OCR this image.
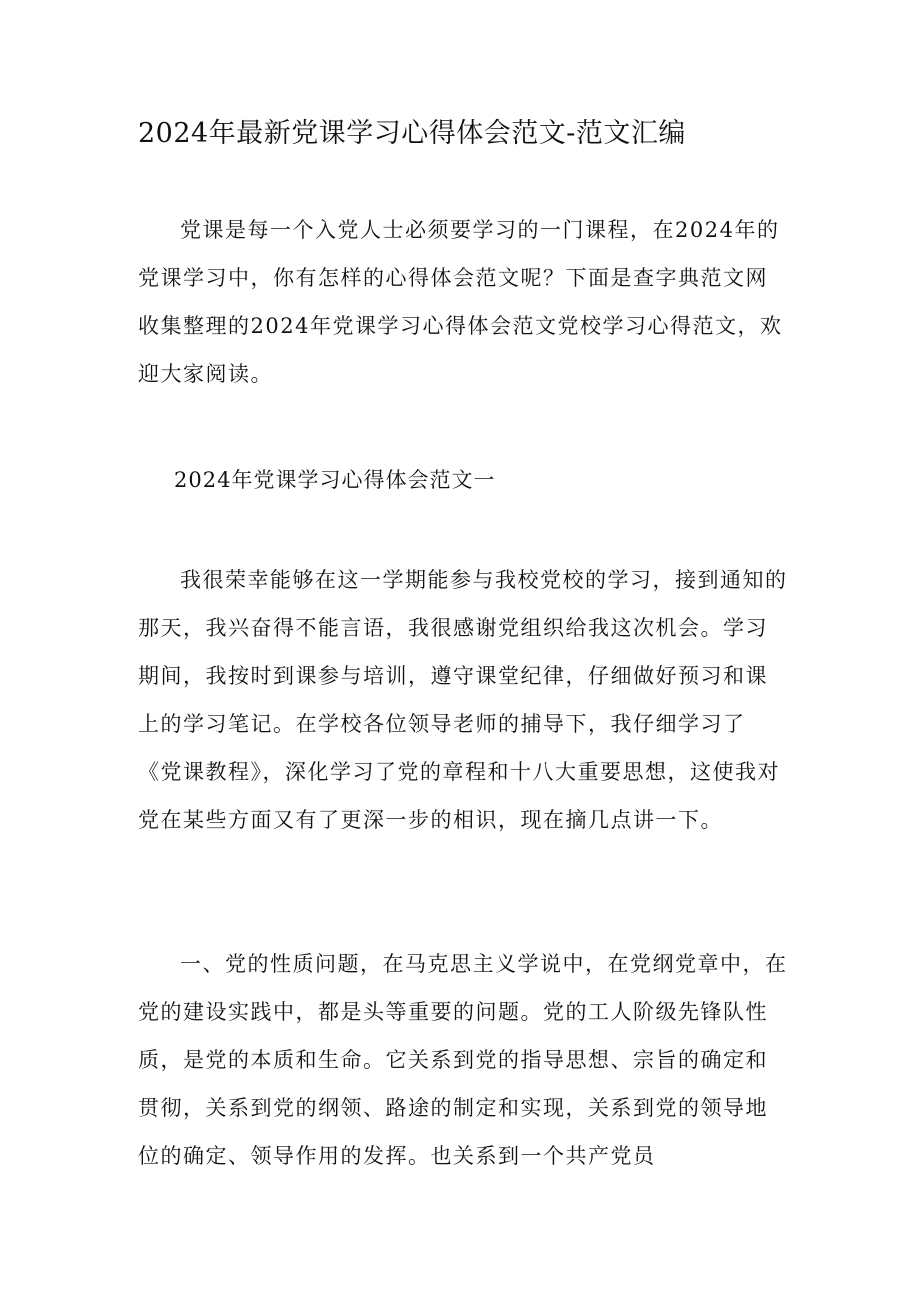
2024年最新党课学习心得体会范文-范文汇编

党课是每一个入党人士必须要学习的一门课程，在2024年的党课学习中，你有怎样的心得体会范文呢？下面是查字典范文网收集整理的2024年党课学习心得体会范文党校学习心得范文，欢迎大家阅读。

2024年党课学习心得体会范文一

我很荣幸能够在这一学期能参与我校党校的学习，接到通知的那天，我兴奋得不能言语，我很感谢党组织给我这次机会。学习期间，我按时到课参与培训，遵守课堂纪律，仔细做好预习和课上的学习笔记。在学校各位领导老师的捕导下，我仔细学习了《党课教程》，深化学习了党的章程和十八大重要思想，这使我对党在某些方面又有了更深一步的相识，现在摘几点讲一下。

一、党的性质问题，在马克思主义学说中，在党纲党章中，在党的建设实践中，都是头等重要的问题。党的工人阶级先锋队性质，是党的本质和生命。它关系到党的指导思想、宗旨的确定和贯彻，关系到党的纲领、路途的制定和实现，关系到党的领导地位的确定、领导作用的发挥。也关系到一个共产党员
